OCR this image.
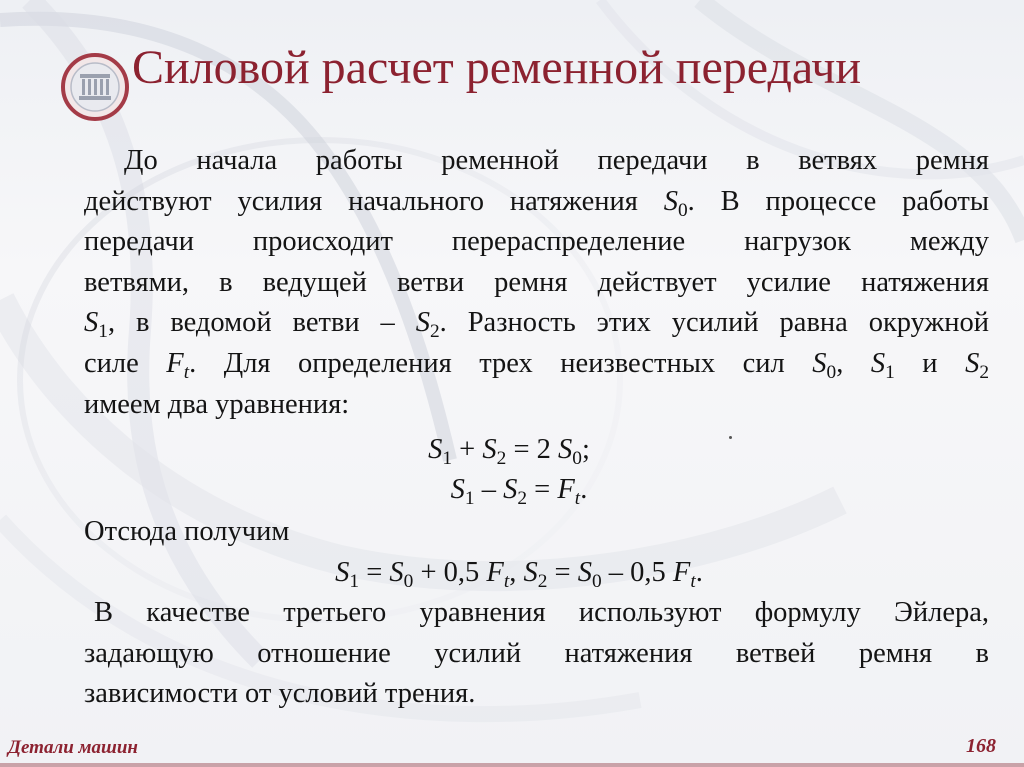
Силовой расчет ременной передачи
До начала работы ременной передачи в ветвях ремня
действуют усилия начального натяжения $S_0$. В процессе работы
передачи происходит перераспределение нагрузок между
ветвями, в ведущей ветви ремня действует усилие натяжения
$S_1$, в ведомой ветви – $S_2$. Разность этих усилий равна окружной
силе $F_t$. Для определения трех неизвестных сил $S_0$, $S_1$ и $S_2$
имеем два уравнения:
$S_1 + S_2 = 2$ $S_0$;
$S_1 - S_2 = F_t$.
Отсюда получим
$S_1 = S_0 + 0,5$ $F_t$, $S_2 = S_0 - 0,5$ $F_t$.
В качестве третьего уравнения используют формулу Эйлера,
задающую отношение усилий натяжения ветвей ремня в
зависимости от условий трения.
Детали машин	168
